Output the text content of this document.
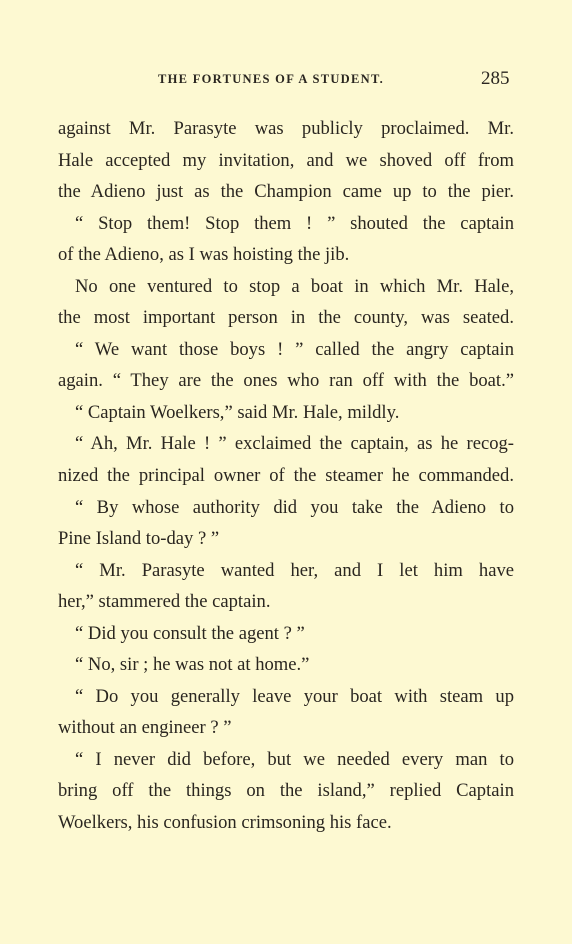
THE FORTUNES OF A STUDENT.	285
against Mr. Parasyte was publicly proclaimed. Mr.
Hale accepted my invitation, and we shoved off from
the Adieno just as the Champion came up to the pier.
“ Stop them! Stop them ! ” shouted the captain
of the Adieno, as I was hoisting the jib.
No one ventured to stop a boat in which Mr. Hale,
the most important person in the county, was seated.
“ We want those boys ! ” called the angry captain
again. “ They are the ones who ran off with the boat.”
“ Captain Woelkers,” said Mr. Hale, mildly.
“ Ah, Mr. Hale ! ” exclaimed the captain, as he recog-
nized the principal owner of the steamer he commanded.
“ By whose authority did you take the Adieno to
Pine Island to-day ? ”
“ Mr. Parasyte wanted her, and I let him have
her,” stammered the captain.
“ Did you consult the agent ? ”
“ No, sir ; he was not at home.”
“ Do you generally leave your boat with steam up
without an engineer ? ”
“ I never did before, but we needed every man to
bring off the things on the island,” replied Captain
Woelkers, his confusion crimsoning his face.
